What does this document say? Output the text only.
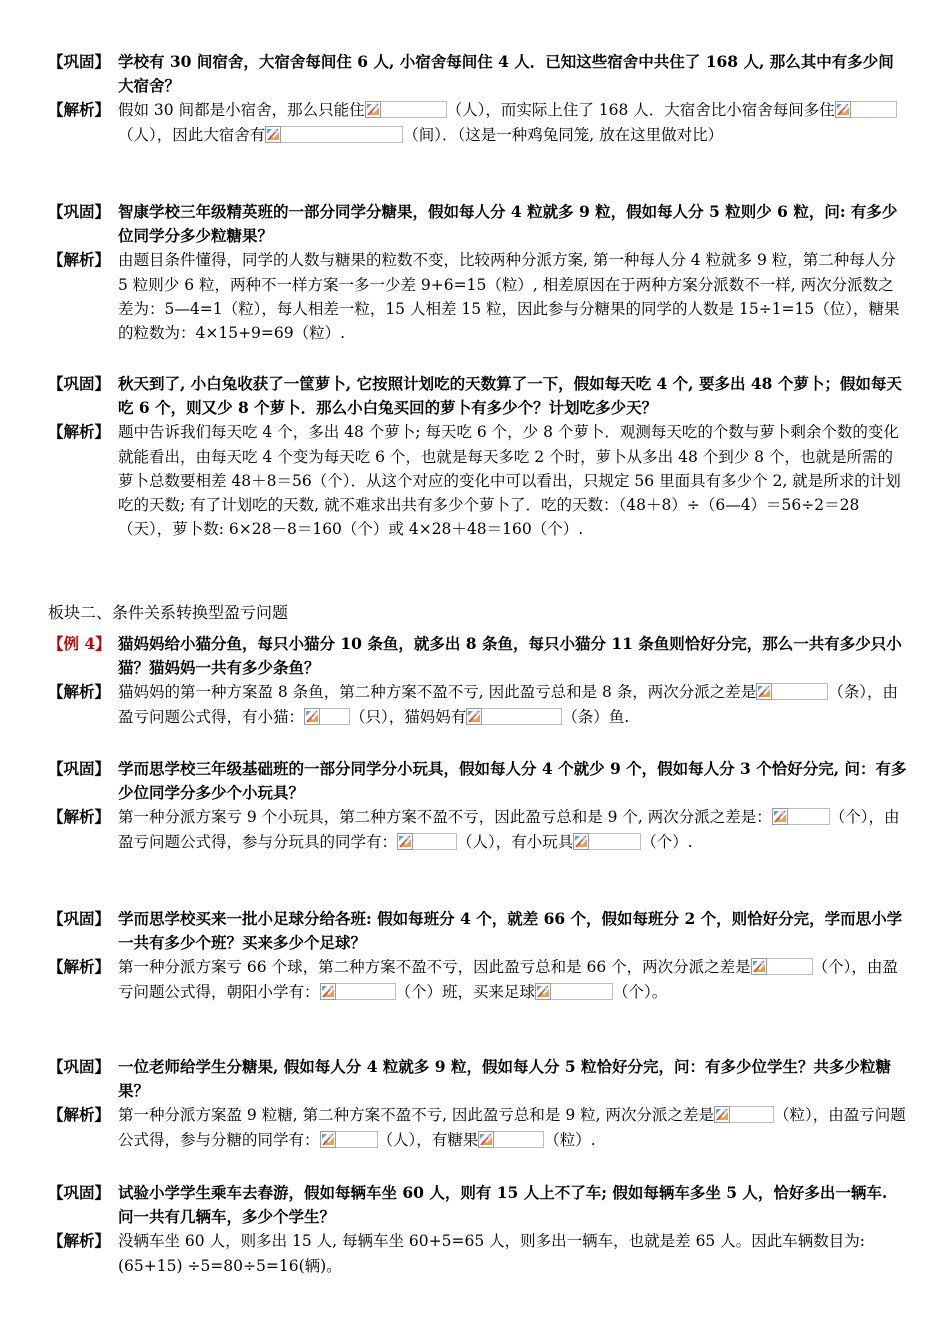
【巩固】 学校有 30 间宿舍，大宿舍每间住 6 人, 小宿舍每间住 4 人．已知这些宿舍中共住了 168 人, 那么其中有多少间大宿舍？
【解析】 假如 30 间都是小宿舍，那么只能住	（人），而实际上住了 168 人．大宿舍比小宿舍每间多住
（人），因此大宿舍有	（间）．（这是一种鸡兔同笼, 放在这里做对比）
【巩固】 智康学校三年级精英班的一部分同学分糖果，假如每人分 4 粒就多 9 粒，假如每人分 5 粒则少 6 粒，问: 有多少位同学分多少粒糖果？
【解析】 由题目条件懂得，同学的人数与糖果的粒数不变，比较两种分派方案, 第一种每人分 4 粒就多 9 粒，第二种每人分 5 粒则少 6 粒，两种不一样方案一多一少差 9+6=15（粒）, 相差原因在于两种方案分派数不一样, 两次分派数之差为：5—4=1（粒），每人相差一粒，15 人相差 15 粒，因此参与分糖果的同学的人数是 15÷1=15（位），糖果的粒数为：4×15+9=69（粒）.
【巩固】 秋天到了, 小白兔收获了一筐萝卜, 它按照计划吃的天数算了一下，假如每天吃 4 个, 要多出 48 个萝卜；假如每天吃 6 个，则又少 8 个萝卜．那么小白兔买回的萝卜有多少个？计划吃多少天？
【解析】 题中告诉我们每天吃 4 个，多出 48 个萝卜; 每天吃 6 个，少 8 个萝卜．观测每天吃的个数与萝卜剩余个数的变化就能看出，由每天吃 4 个变为每天吃 6 个，也就是每天多吃 2 个时，萝卜从多出 48 个到少 8 个，也就是所需的萝卜总数要相差 48＋8＝56（个）．从这个对应的变化中可以看出，只规定 56 里面具有多少个 2, 就是所求的计划吃的天数; 有了计划吃的天数, 就不难求出共有多少个萝卜了．吃的天数：（48＋8）÷（6—4）＝56÷2＝28（天），萝卜数: 6×28－8＝160（个）或 4×28＋48＝160（个）.
板块二、条件关系转换型盈亏问题
【例 4】 猫妈妈给小猫分鱼，每只小猫分 10 条鱼，就多出 8 条鱼，每只小猫分 11 条鱼则恰好分完，那么一共有多少只小猫？猫妈妈一共有多少条鱼？
【解析】 猫妈妈的第一种方案盈 8 条鱼，第二种方案不盈不亏, 因此盈亏总和是 8 条，两次分派之差是	（条），由盈亏问题公式得，有小猫：	（只），猫妈妈有	（条）鱼.
【巩固】 学而思学校三年级基础班的一部分同学分小玩具，假如每人分 4 个就少 9 个，假如每人分 3 个恰好分完, 问：有多少位同学分多少个小玩具？
【解析】 第一种分派方案亏 9 个小玩具，第二种方案不盈不亏，因此盈亏总和是 9 个, 两次分派之差是：	（个），由盈亏问题公式得，参与分玩具的同学有：	（人），有小玩具	（个）.
【巩固】 学而思学校买来一批小足球分给各班: 假如每班分 4 个，就差 66 个，假如每班分 2 个，则恰好分完，学而思小学一共有多少个班？买来多少个足球？
【解析】 第一种分派方案亏 66 个球，第二种方案不盈不亏，因此盈亏总和是 66 个，两次分派之差是	（个），由盈亏问题公式得，朝阳小学有：	（个）班，买来足球	（个）。
【巩固】 一位老师给学生分糖果, 假如每人分 4 粒就多 9 粒，假如每人分 5 粒恰好分完，问：有多少位学生？共多少粒糖果？
【解析】 第一种分派方案盈 9 粒糖, 第二种方案不盈不亏, 因此盈亏总和是 9 粒, 两次分派之差是	（粒），由盈亏问题公式得，参与分糖的同学有：	（人），有糖果	（粒）.
【巩固】 试验小学学生乘车去春游，假如每辆车坐 60 人，则有 15 人上不了车; 假如每辆车多坐 5 人，恰好多出一辆车. 问一共有几辆车，多少个学生？
【解析】 没辆车坐 60 人，则多出 15 人, 每辆车坐 60+5=65 人，则多出一辆车，也就是差 65 人。因此车辆数目为: (65+15) ÷5=80÷5=16(辆)。
